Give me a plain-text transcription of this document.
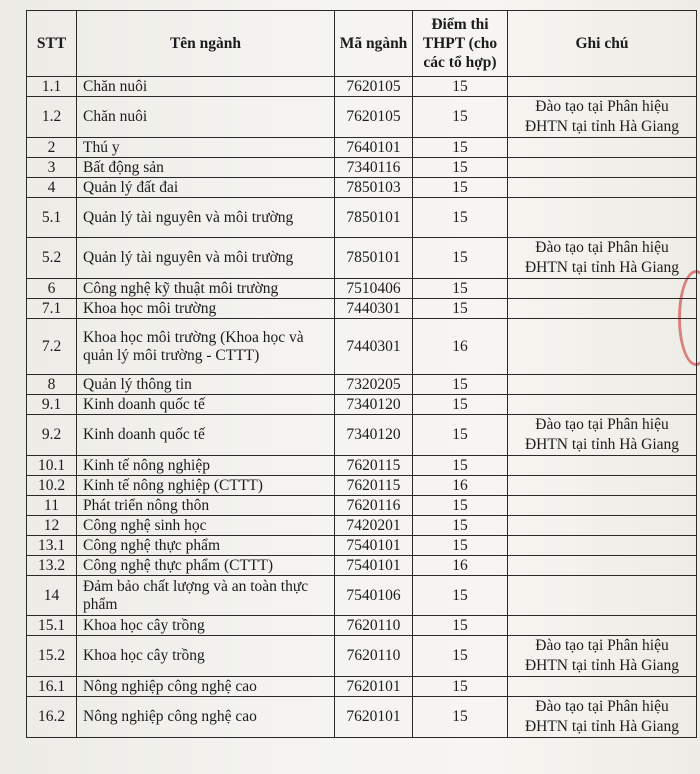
STT	Tên ngành	Mã ngành	Điểm thi THPT (cho các tổ hợp)	Ghi chú
1.1	Chăn nuôi	7620105	15	
1.2	Chăn nuôi	7620105	15	Đào tạo tại Phân hiệu ĐHTN tại tỉnh Hà Giang
2	Thú y	7640101	15	
3	Bất động sản	7340116	15	
4	Quản lý đất đai	7850103	15	
5.1	Quản lý tài nguyên và môi trường	7850101	15	
5.2	Quản lý tài nguyên và môi trường	7850101	15	Đào tạo tại Phân hiệu ĐHTN tại tỉnh Hà Giang
6	Công nghệ kỹ thuật môi trường	7510406	15	
7.1	Khoa học môi trường	7440301	15	
7.2	Khoa học môi trường (Khoa học và quản lý môi trường - CTTT)	7440301	16	
8	Quản lý thông tin	7320205	15	
9.1	Kinh doanh quốc tế	7340120	15	
9.2	Kinh doanh quốc tế	7340120	15	Đào tạo tại Phân hiệu ĐHTN tại tỉnh Hà Giang
10.1	Kinh tế nông nghiệp	7620115	15	
10.2	Kinh tế nông nghiệp (CTTT)	7620115	16	
11	Phát triển nông thôn	7620116	15	
12	Công nghệ sinh học	7420201	15	
13.1	Công nghệ thực phẩm	7540101	15	
13.2	Công nghệ thực phẩm (CTTT)	7540101	16	
14	Đảm bảo chất lượng và an toàn thực phẩm	7540106	15	
15.1	Khoa học cây trồng	7620110	15	
15.2	Khoa học cây trồng	7620110	15	Đào tạo tại Phân hiệu ĐHTN tại tỉnh Hà Giang
16.1	Nông nghiệp công nghệ cao	7620101	15	
16.2	Nông nghiệp công nghệ cao	7620101	15	Đào tạo tại Phân hiệu ĐHTN tại tỉnh Hà Giang
